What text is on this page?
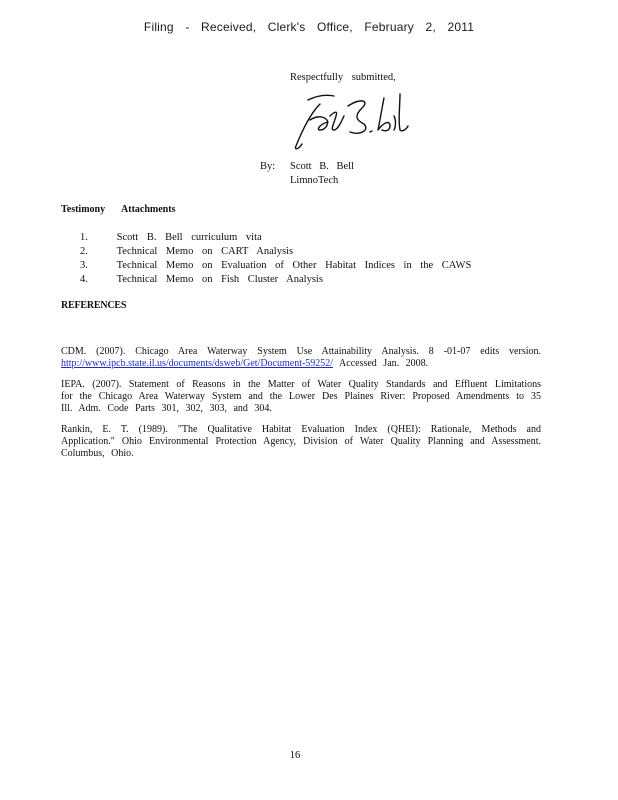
Filing - Received, Clerk's Office, February 2, 2011
Respectfully submitted,
By: Scott B. Bell
LimnoTech
Testimony Attachments
1.	Scott B. Bell curriculum vita
2.	Technical Memo on CART Analysis
3.	Technical Memo on Evaluation of Other Habitat Indices in the CAWS
4.	Technical Memo on Fish Cluster Analysis
REFERENCES

CDM. (2007). Chicago Area Waterway System Use Attainability Analysis. 8 -01-07 edits version. http://www.ipcb.state.il.us/documents/dsweb/Get/Document-59252/ Accessed Jan. 2008.

IEPA. (2007). Statement of Reasons in the Matter of Water Quality Standards and Effluent Limitations for the Chicago Area Waterway System and the Lower Des Plaines River: Proposed Amendments to 35 Ill. Adm. Code Parts 301, 302, 303, and 304.

Rankin, E. T. (1989). "The Qualitative Habitat Evaluation Index (QHEI): Rationale, Methods and Application." Ohio Environmental Protection Agency, Division of Water Quality Planning and Assessment. Columbus, Ohio.

16
